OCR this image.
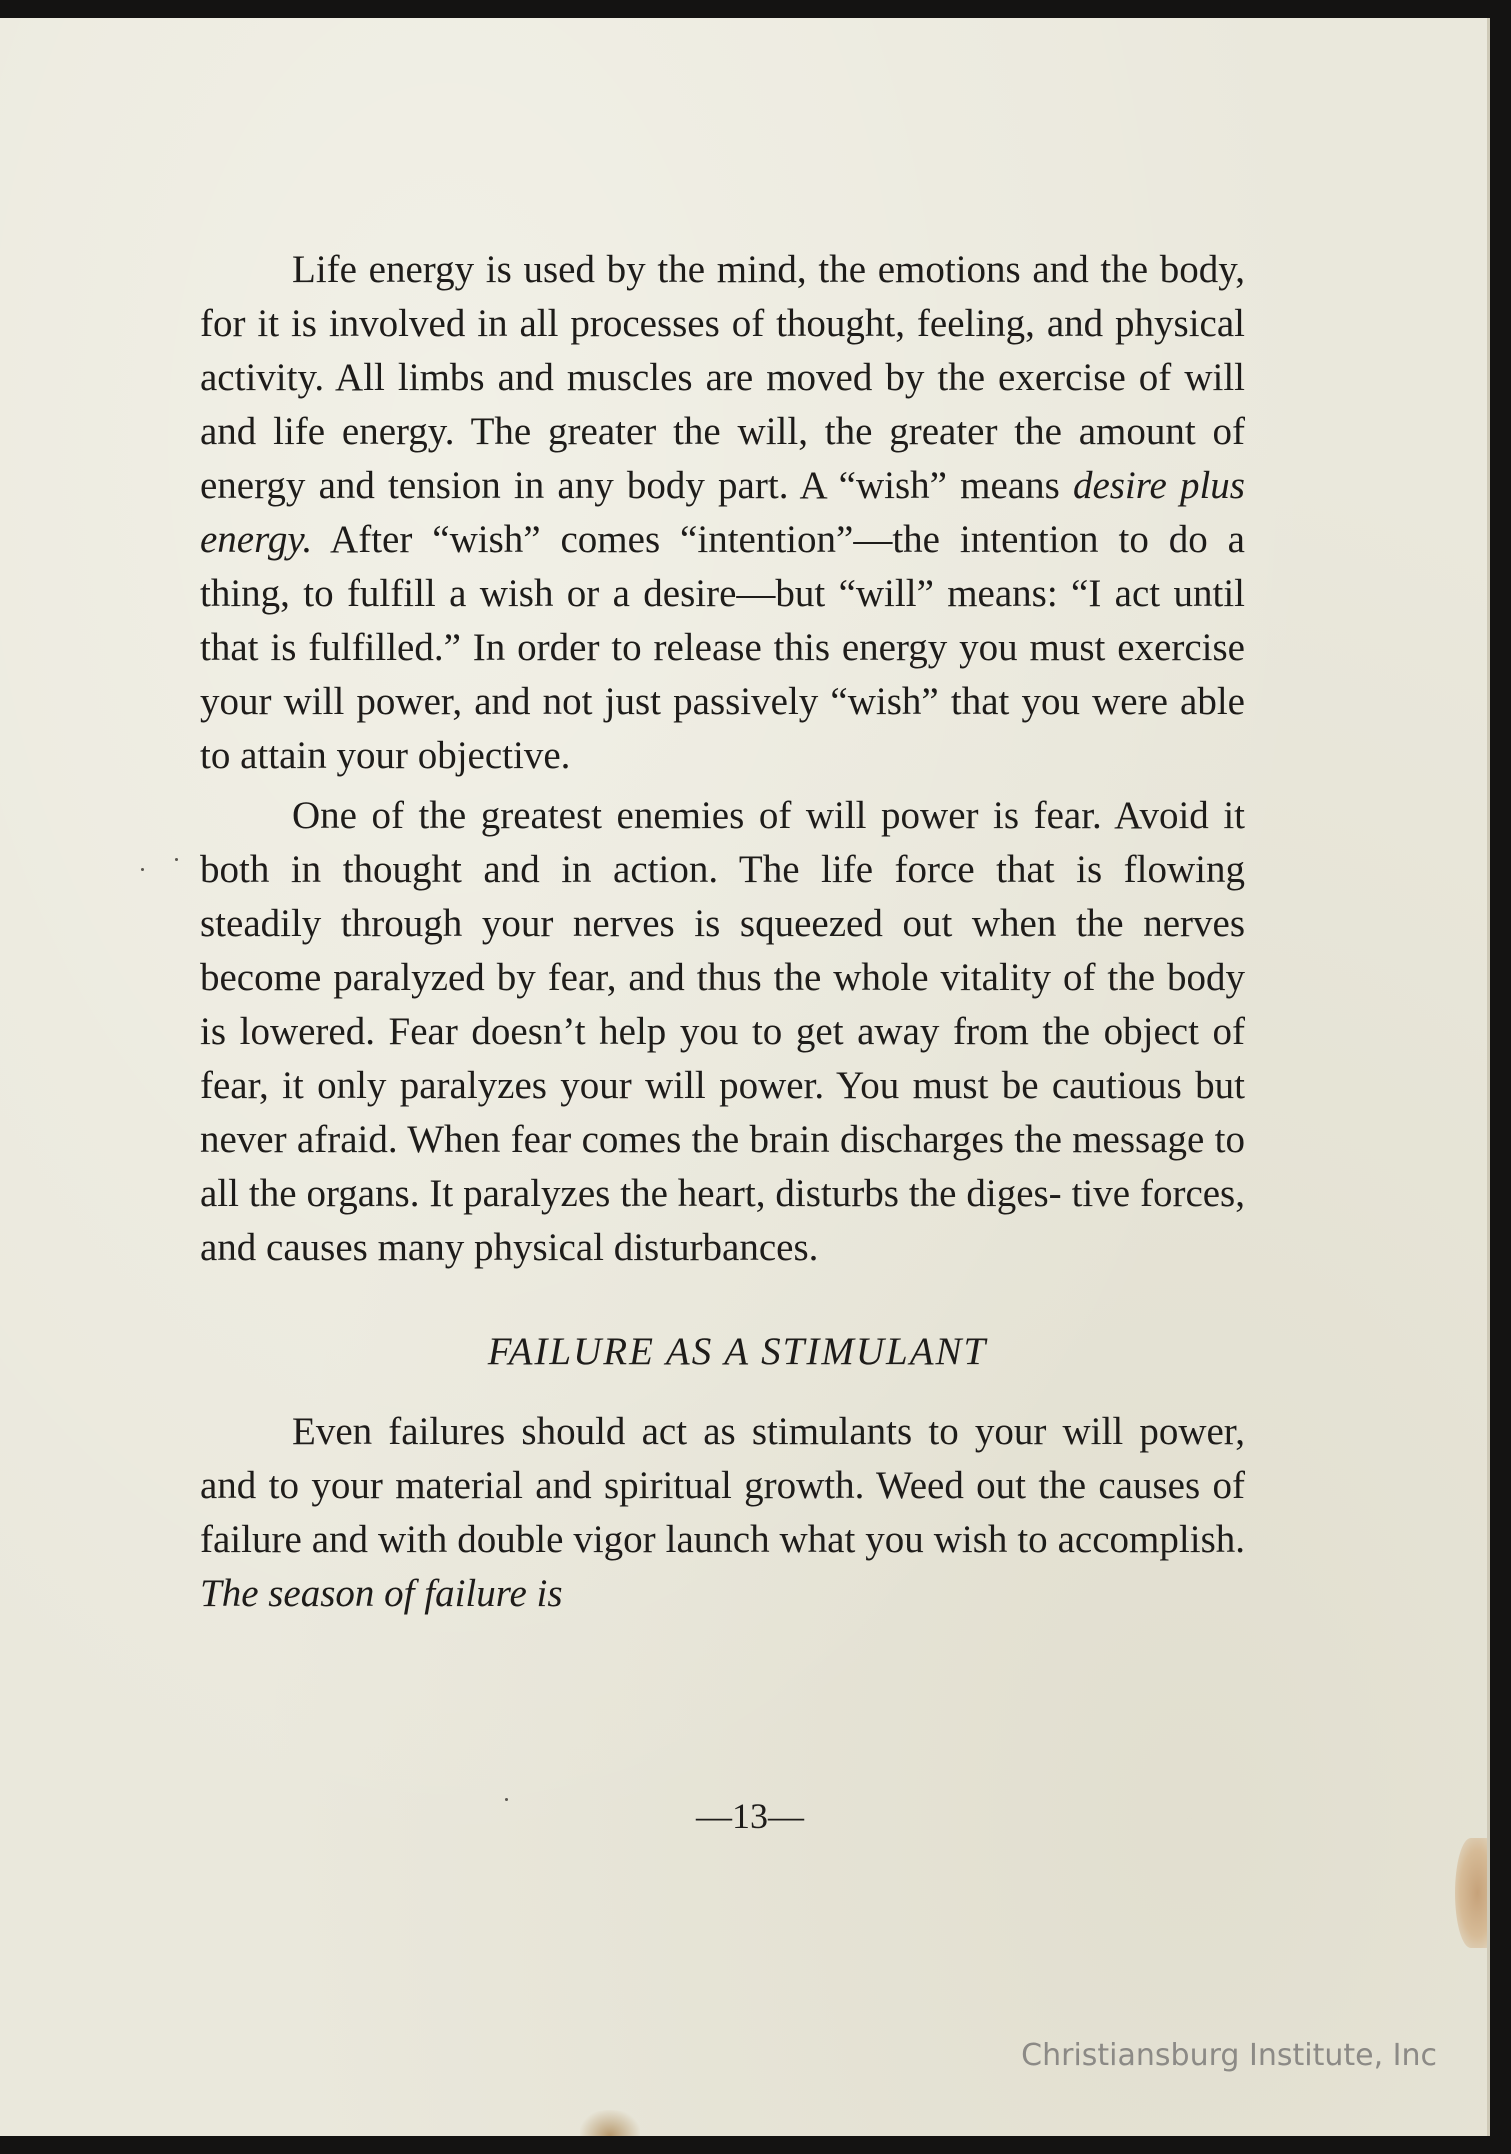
Life energy is used by the mind, the emotions and the body, for it is involved in all processes of thought, feeling, and physical activity. All limbs and muscles are moved by the exercise of will and life energy. The greater the will, the greater the amount of energy and tension in any body part. A “wish” means desire plus energy. After “wish” comes “intention”—the intention to do a thing, to fulfill a wish or a desire—but “will” means: “I act until that is fulfilled.” In order to release this energy you must exercise your will power, and not just passively “wish” that you were able to attain your objective.

One of the greatest enemies of will power is fear. Avoid it both in thought and in action. The life force that is flowing steadily through your nerves is squeezed out when the nerves become paralyzed by fear, and thus the whole vitality of the body is lowered. Fear doesn’t help you to get away from the object of fear, it only paralyzes your will power. You must be cautious but never afraid. When fear comes the brain discharges the message to all the organs. It paralyzes the heart, disturbs the diges- tive forces, and causes many physical disturbances.

FAILURE AS A STIMULANT

Even failures should act as stimulants to your will power, and to your material and spiritual growth. Weed out the causes of failure and with double vigor launch what you wish to accomplish. The season of failure is

—13—
Christiansburg Institute, Inc
